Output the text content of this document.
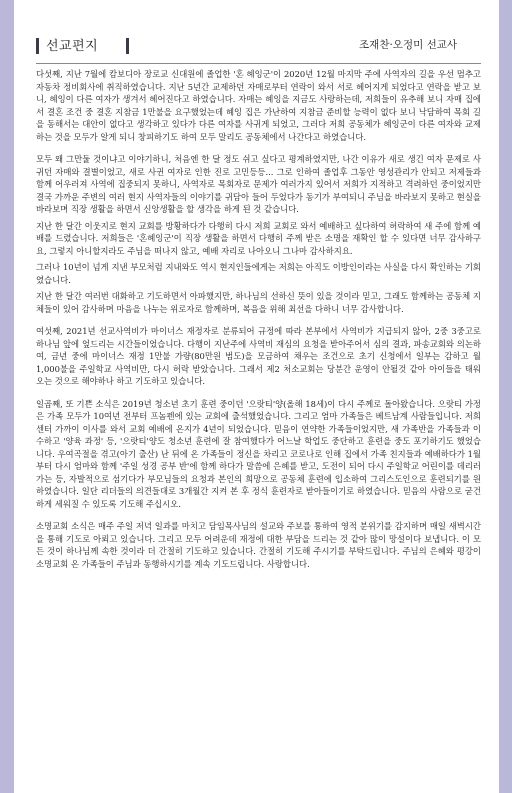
선교편지	조재찬·오정미 선교사

다섯째, 지난 7월에 캄보디아 장로교 신대원에 졸업한 '혼 혜잉군'이 2020년 12월 마지막 주에 사역자의 길을 우선 멈추고 자동차 정비회사에 취직하였습니다. 지난 5년간 교제하던 자매로부터 연락이 와서 서로 헤어지게 되었다고 연락을 받고 보니, 혜잉이 다른 여자가 생겨서 헤어진다고 하였습니다. 자매는 혜잉을 지금도 사랑하는데, 저희들이 유추해 보니 자매 집에서 결혼 조건 중 결혼 지참금 1만불을 요구했었는데 혜잉 집은 가난하여 지참금 준비할 능력이 없다 보니 낙담하여 목회 길을 동해서는 대안이 없다고 생각하고 있다가 다른 여자를 사귀게 되었고, 그러다 저희 공동체가 혜잉군이 다른 여자와 교제하는 것을 모두가 알게 되니 창피하기도 하여 모두 말리도 공동체에서 나간다고 하였습니다.

모두 왜 그만둘 것이냐고 이야기하니, 처음엔 한 달 정도 쉬고 싶다고 평계하였지만, 나간 이유가 새로 생긴 여자 문제로 사귀던 자매와 결별이었고, 새로 사귄 여자로 인한 진로 고민등등... 그로 인하여 졸업후 그동안 영성관리가 안되고 저제들과 함께 어우러져 사역에 집중되지 못하니, 사역자로 목회자로 문제가 여러가지 있어서 저희가 지적하고 격려하던 중이었지만 결국 가까운 주변의 여러 현지 사역자들의 이야기를 귀담아 들어 두었다가 동기가 부여되니 주님을 바라보지 못하고 현실을 바라보며 직장 생활을 하면서 신앙생활을 할 생각을 하게 된 것 같습니다.

지난 한 달간 이웃지로 현지 교회를 방황하다가 다행히 다시 저희 교회로 와서 예배하고 싶다하여 허락하여 새 주에 함께 예배를 드렸습니다. 저희들은 '혼혜잉군'이 직장 생활을 하면서 다행히 주께 받은 소명을 재확인 할 수 있다면 너무 감사하구요, 그렇지 아니할지라도 주님을 떠나지 않고, 예배 자리로 나아오니 그나마 감사하지요.

그러나 10년이 넘게 지낸 부모처럼 지내와도 역시 현지인들에게는 저희는 아직도 이방인이라는 사실을 다시 확인하는 기회였습니다.

지난 한 달간 여러번 대화하고 기도하면서 아파했지만, 하나님의 선하신 뜻이 있을 것이라 믿고, 그래도 함께하는 공동체 지체들이 있어 감사하며 마음을 나누는 위로자로 함께하며, 복음을 위해 최선을 다하니 너무 감사합니다.

여섯째, 2021년 선교사역비가 마이너스 재정자로 분류되어 규정에 따라 본부에서 사역비가 지급되지 않아, 2중 3중고로 하나님 앞에 엎드리는 시간들이었습니다. 다행이 지난주에 사역비 재심의 요청을 받아주어서 심의 결과, 파송교회와 의논하여, 금년 중에 마이너스 재정 1만불 가량(80만원 범도)을 모금하여 채우는 조건으로 초기 신청에서 일부는 감하고 월 1,000불을 주일학교 사역비만, 다시 허락 받았습니다. 그래서 제2 처소교회는 당분간 운영이 안될것 같아 아이들을 태워 오는 것으로 해야하나 하고 기도하고 있습니다.

일곱째, 또 기쁜 소식은 2019년 청소년 초기 훈련 중이던 '으랏티'양(올해 18세)이 다시 주께로 돌아왔습니다. 으랏티 가정은 가족 모두가 10여년 전부터 프놈펜에 있는 교회에 출석했었습니다. 그리고 엄마 가족들은 베트남계 사람들입니다. 저희 센터 가까이 이사를 와서 교회 예배에 온지가 4년이 되었습니다. 믿음이 연약한 가족들이었지만, 새 가족반을 가족들과 이수하고 '양육 과정' 등, '으랏티'양도 청소년 훈련에 잘 참여했다가 어느날 학업도 중단하고 훈련을 중도 포기하기도 했었습니다. 우여곡절을 겪고(아기 출산) 난 뒤에 온 가족들이 정신을 차리고 코로나로 인해 집에서 가족 친지들과 예배하다가 1월부터 다시 엄마와 함께 '주일 성경 공부 반'에 함께 하다가 말씀에 은혜를 받고, 도전이 되어 다시 주일학교 어린이를 데리러 가는 등, 자발적으로 섬기다가 부모님들의 요청과 본인의 희망으로 공동체 훈련에 입소하여 그리스도인으로 훈련되기를 원하였습니다. 일단 리더들의 의견들대로 3개월간 지켜 본 후 정식 훈련자로 받아들이기로 하였습니다. 믿음의 사람으로 굳건하게 세워질 수 있도록 기도해 주십시오.

소명교회 소식은 매주 주일 저녁 일과를 마치고 담임목사님의 설교와 주보를 통하여 영적 분위기를 감지하며 매일 새벽시간을 통해 기도로 아뢰고 있습니다. 그리고 모두 어려운데 재정에 대한 부담을 드리는 것 같아 많이 망설이다 보냅니다. 이 모든 것이 하나님께 속한 것이라 더 간절히 기도하고 있습니다. 간절히 기도해 주시기를 부탁드립니다. 주님의 은혜와 평강이 소명교회 온 가족들이 주님과 동행하시기를 계속 기도드립니다. 사랑합니다.
